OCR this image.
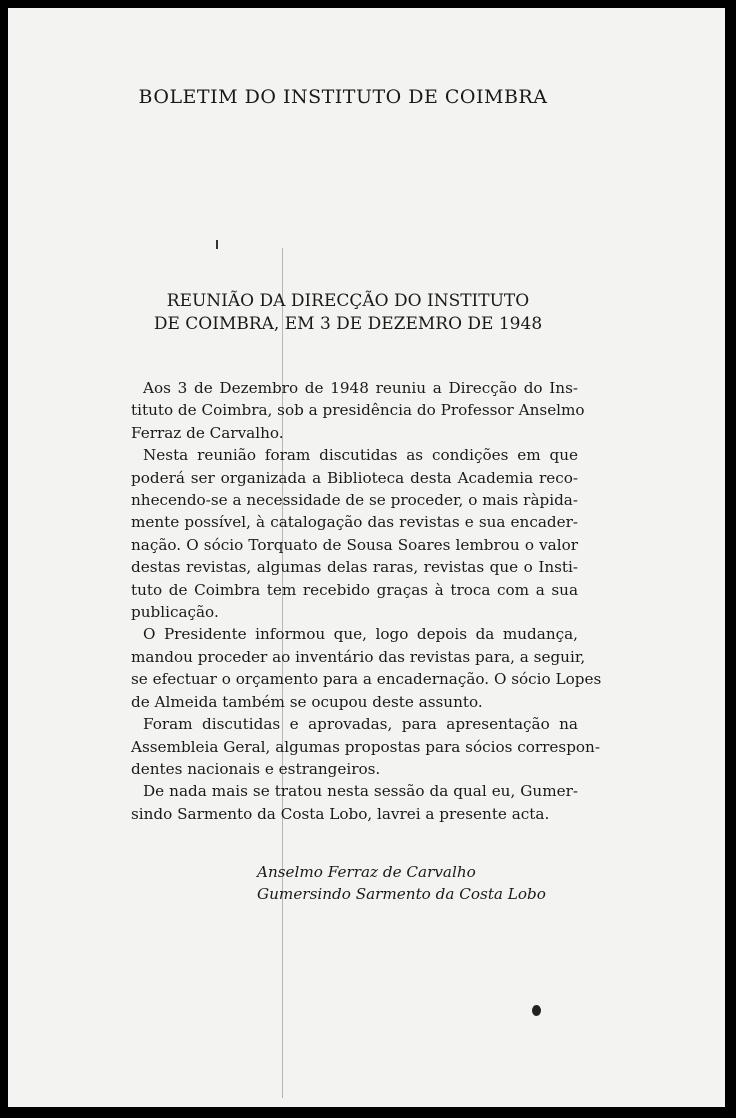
BOLETIM DO INSTITUTO DE COIMBRA
REUNIÃO DA DIRECÇÃO DO INSTITUTO
DE COIMBRA, EM 3 DE DEZEMRO DE 1948
Aos 3 de Dezembro de 1948 reuniu a Direcção do Ins-
tituto de Coimbra, sob a presidência do Professor Anselmo
Ferraz de Carvalho.
Nesta reunião foram discutidas as condições em que
poderá ser organizada a Biblioteca desta Academia reco-
nhecendo-se a necessidade de se proceder, o mais ràpida-
mente possível, à catalogação das revistas e sua encader-
nação. O sócio Torquato de Sousa Soares lembrou o valor
destas revistas, algumas delas raras, revistas que o Insti-
tuto de Coimbra tem recebido graças à troca com a sua
publicação.
O Presidente informou que, logo depois da mudança,
mandou proceder ao inventário das revistas para, a seguir,
se efectuar o orçamento para a encadernação. O sócio Lopes
de Almeida também se ocupou deste assunto.
Foram discutidas e aprovadas, para apresentação na
Assembleia Geral, algumas propostas para sócios correspon-
dentes nacionais e estrangeiros.
De nada mais se tratou nesta sessão da qual eu, Gumer-
sindo Sarmento da Costa Lobo, lavrei a presente acta.
Anselmo Ferraz de Carvalho
Gumersindo Sarmento da Costa Lobo
